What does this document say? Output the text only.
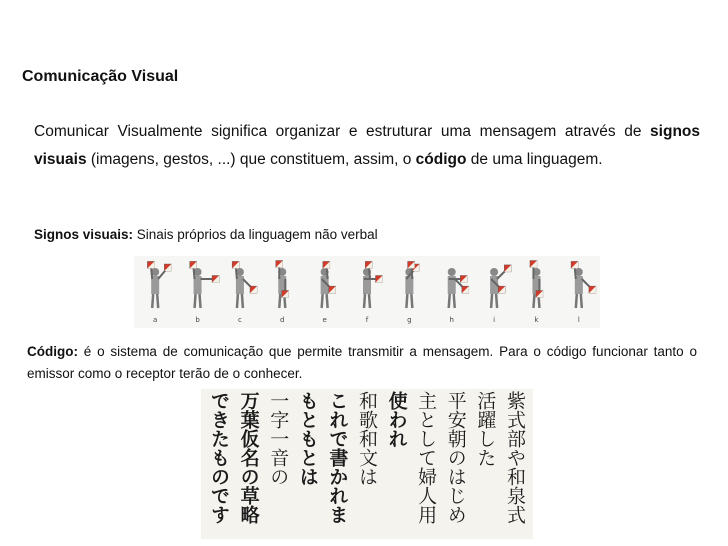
Comunicação Visual
Comunicar Visualmente significa organizar e estruturar uma mensagem através de signos visuais (imagens, gestos, ...) que constituem, assim, o código de uma linguagem.
Signos visuais: Sinais próprios da linguagem não verbal
a	b	c	d	e	f	g	h	i	k	l
Código: é o sistema de comunicação que permite transmitir a mensagem. Para o código funcionar tanto o emissor como o receptor terão de o conhecer.
紫式部や和泉式
活躍した
平安朝のはじめ
主として婦人用
使われ
和歌和文は
これで書かれま
もともとは
一字一音の
万葉仮名の草略
できたものです
